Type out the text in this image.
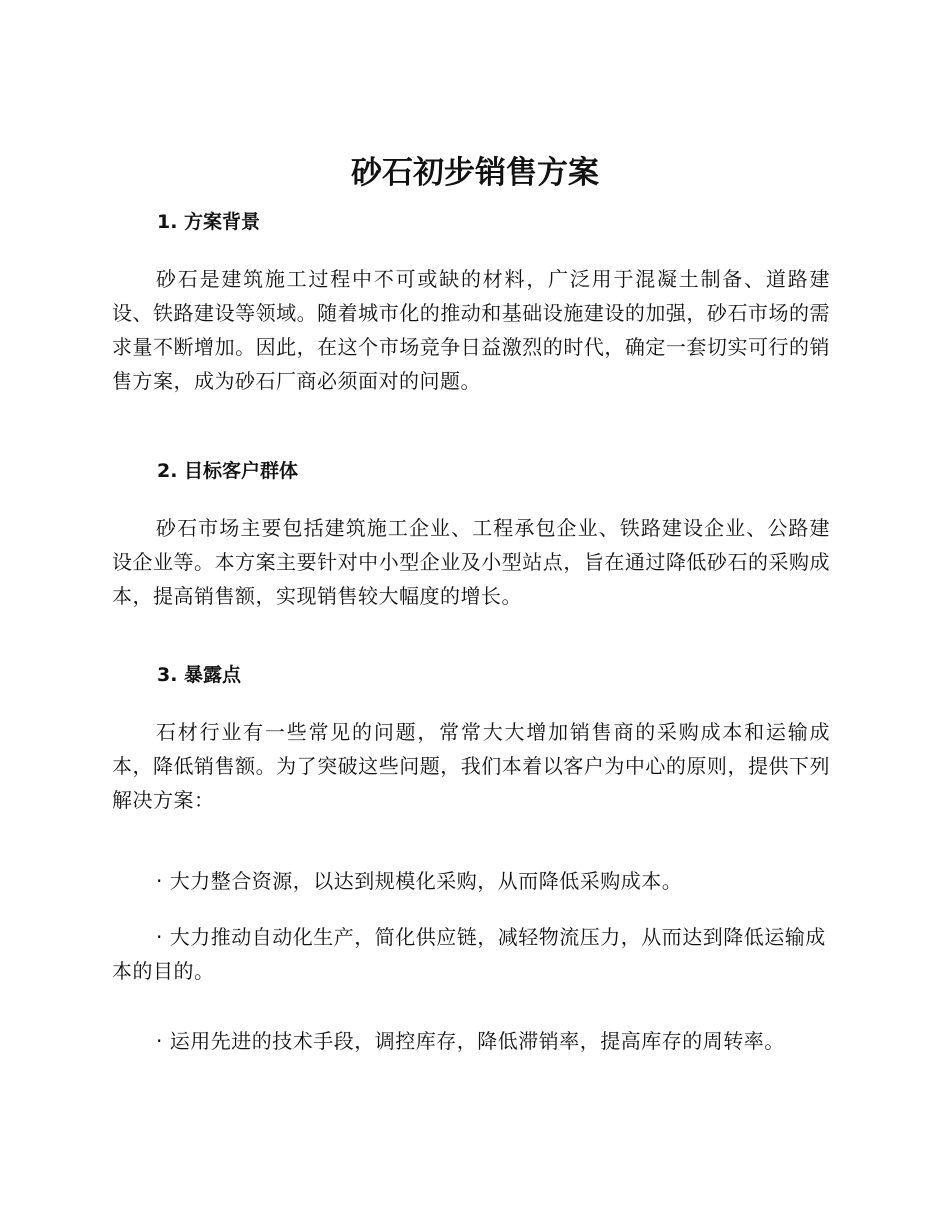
砂石初步销售方案
1. 方案背景

砂石是建筑施工过程中不可或缺的材料，广泛用于混凝土制备、道路建设、铁路建设等领域。随着城市化的推动和基础设施建设的加强，砂石市场的需求量不断增加。因此，在这个市场竞争日益激烈的时代，确定一套切实可行的销售方案，成为砂石厂商必须面对的问题。

2. 目标客户群体

砂石市场主要包括建筑施工企业、工程承包企业、铁路建设企业、公路建设企业等。本方案主要针对中小型企业及小型站点，旨在通过降低砂石的采购成本，提高销售额，实现销售较大幅度的增长。

3. 暴露点

石材行业有一些常见的问题，常常大大增加销售商的采购成本和运输成本，降低销售额。为了突破这些问题，我们本着以客户为中心的原则，提供下列解决方案：

· 大力整合资源，以达到规模化采购，从而降低采购成本。

· 大力推动自动化生产，简化供应链，减轻物流压力，从而达到降低运输成本的目的。

· 运用先进的技术手段，调控库存，降低滞销率，提高库存的周转率。
